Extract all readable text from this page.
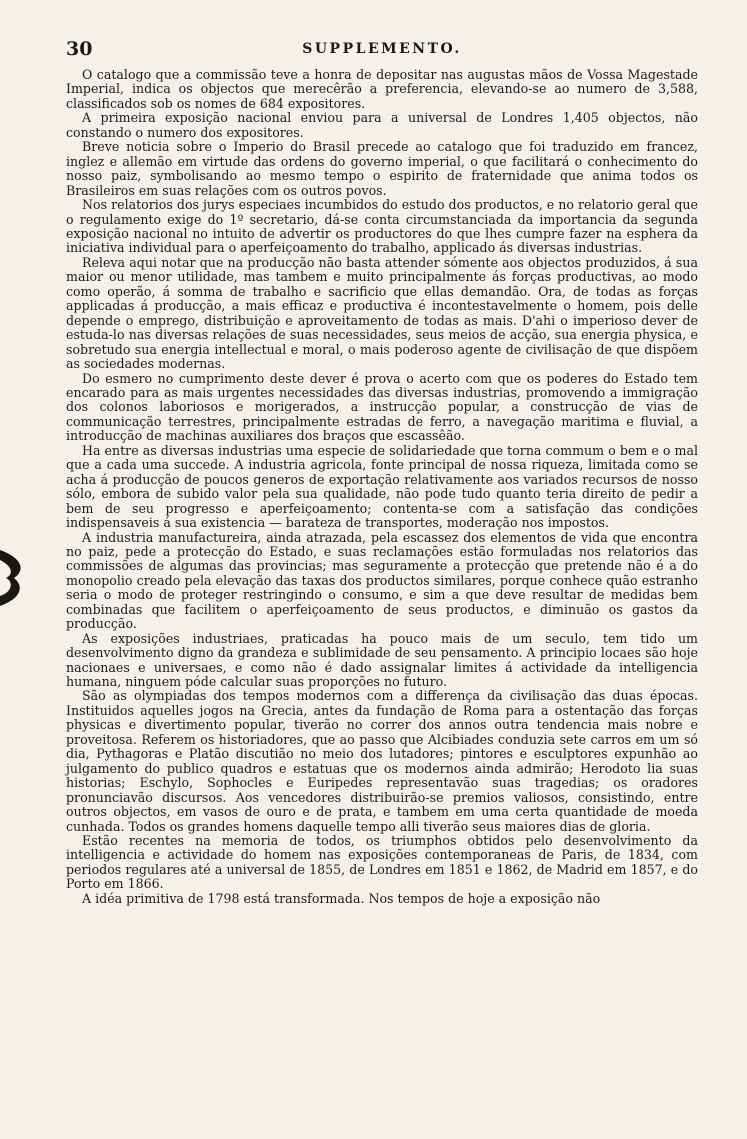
30	SUPPLEMENTO.

O catalogo que a commissão teve a honra de depositar nas augustas mãos de Vossa Magestade Imperial, indica os objectos que merecêrão a preferencia, elevando-se ao numero de 3,588, classificados sob os nomes de 684 expositores.

A primeira exposição nacional enviou para a universal de Londres 1,405 objectos, não constando o numero dos expositores.

Breve noticia sobre o Imperio do Brasil precede ao catalogo que foi traduzido em francez, inglez e allemão em virtude das ordens do governo imperial, o que facilitará o conhecimento do nosso paiz, symbolisando ao mesmo tempo o espirito de fraternidade que anima todos os Brasileiros em suas relações com os outros povos.

Nos relatorios dos jurys especiaes incumbidos do estudo dos productos, e no relatorio geral que o regulamento exige do 1º secretario, dá-se conta circumstanciada da importancia da segunda exposição nacional no intuito de advertir os productores do que lhes cumpre fazer na esphera da iniciativa individual para o aperfeiçoamento do trabalho, applicado ás diversas industrias.

Releva aqui notar que na producção não basta attender sómente aos objectos produzidos, á sua maior ou menor utilidade, mas tambem e muito principalmente ás forças productivas, ao modo como operão, á somma de trabalho e sacrificio que ellas demandão. Ora, de todas as forças applicadas á producção, a mais efficaz e productiva é incontestavelmente o homem, pois delle depende o emprego, distribuição e aproveitamento de todas as mais. D'ahi o imperioso dever de estuda-lo nas diversas relações de suas necessidades, seus meios de acção, sua energia physica, e sobretudo sua energia intellectual e moral, o mais poderoso agente de civilisação de que dispõem as sociedades modernas.

Do esmero no cumprimento deste dever é prova o acerto com que os poderes do Estado tem encarado para as mais urgentes necessidades das diversas industrias, promovendo a immigração dos colonos laboriosos e morigerados, a instrucção popular, a construcção de vias de communicação terrestres, principalmente estradas de ferro, a navegação maritima e fluvial, a introducção de machinas auxiliares dos braços que escassêão.

Ha entre as diversas industrias uma especie de solidariedade que torna commum o bem e o mal que a cada uma succede. A industria agricola, fonte principal de nossa riqueza, limitada como se acha á producção de poucos generos de exportação relativamente aos variados recursos de nosso sólo, embora de subido valor pela sua qualidade, não pode tudo quanto teria direito de pedir a bem de seu progresso e aperfeiçoamento; contenta-se com a satisfação das condições indispensaveis á sua existencia — barateza de transportes, moderação nos impostos.

A industria manufactureira, ainda atrazada, pela escassez dos elementos de vida que encontra no paiz, pede a protecção do Estado, e suas reclamações estão formuladas nos relatorios das commissões de algumas das provincias; mas seguramente a protecção que pretende não é a do monopolio creado pela elevação das taxas dos productos similares, porque conhece quão estranho seria o modo de proteger restringindo o consumo, e sim a que deve resultar de medidas bem combinadas que facilitem o aperfeiçoamento de seus productos, e diminuão os gastos da producção.

As exposições industriaes, praticadas ha pouco mais de um seculo, tem tido um desenvolvimento digno da grandeza e sublimidade de seu pensamento. A principio locaes são hoje nacionaes e universaes, e como não é dado assignalar limites á actividade da intelligencia humana, ninguem póde calcular suas proporções no futuro.

São as olympiadas dos tempos modernos com a differença da civilisação das duas épocas. Instituidos aquelles jogos na Grecia, antes da fundação de Roma para a ostentação das forças physicas e divertimento popular, tiverão no correr dos annos outra tendencia mais nobre e proveitosa. Referem os historiadores, que ao passo que Alcibiades conduzia sete carros em um só dia, Pythagoras e Platão discutião no meio dos lutadores; pintores e esculptores expunhão ao julgamento do publico quadros e estatuas que os modernos ainda admirão; Herodoto lia suas historias; Eschylo, Sophocles e Euripedes representavão suas tragedias; os oradores pronunciavão discursos. Aos vencedores distribuirão-se premios valiosos, consistindo, entre outros objectos, em vasos de ouro e de prata, e tambem em uma certa quantidade de moeda cunhada. Todos os grandes homens daquelle tempo alli tiverão seus maiores dias de gloria.

Estão recentes na memoria de todos, os triumphos obtidos pelo desenvolvimento da intelligencia e actividade do homem nas exposições contemporaneas de Paris, de 1834, com periodos regulares até a universal de 1855, de Londres em 1851 e 1862, de Madrid em 1857, e do Porto em 1866.

A idéa primitiva de 1798 está transformada. Nos tempos de hoje a exposição não
